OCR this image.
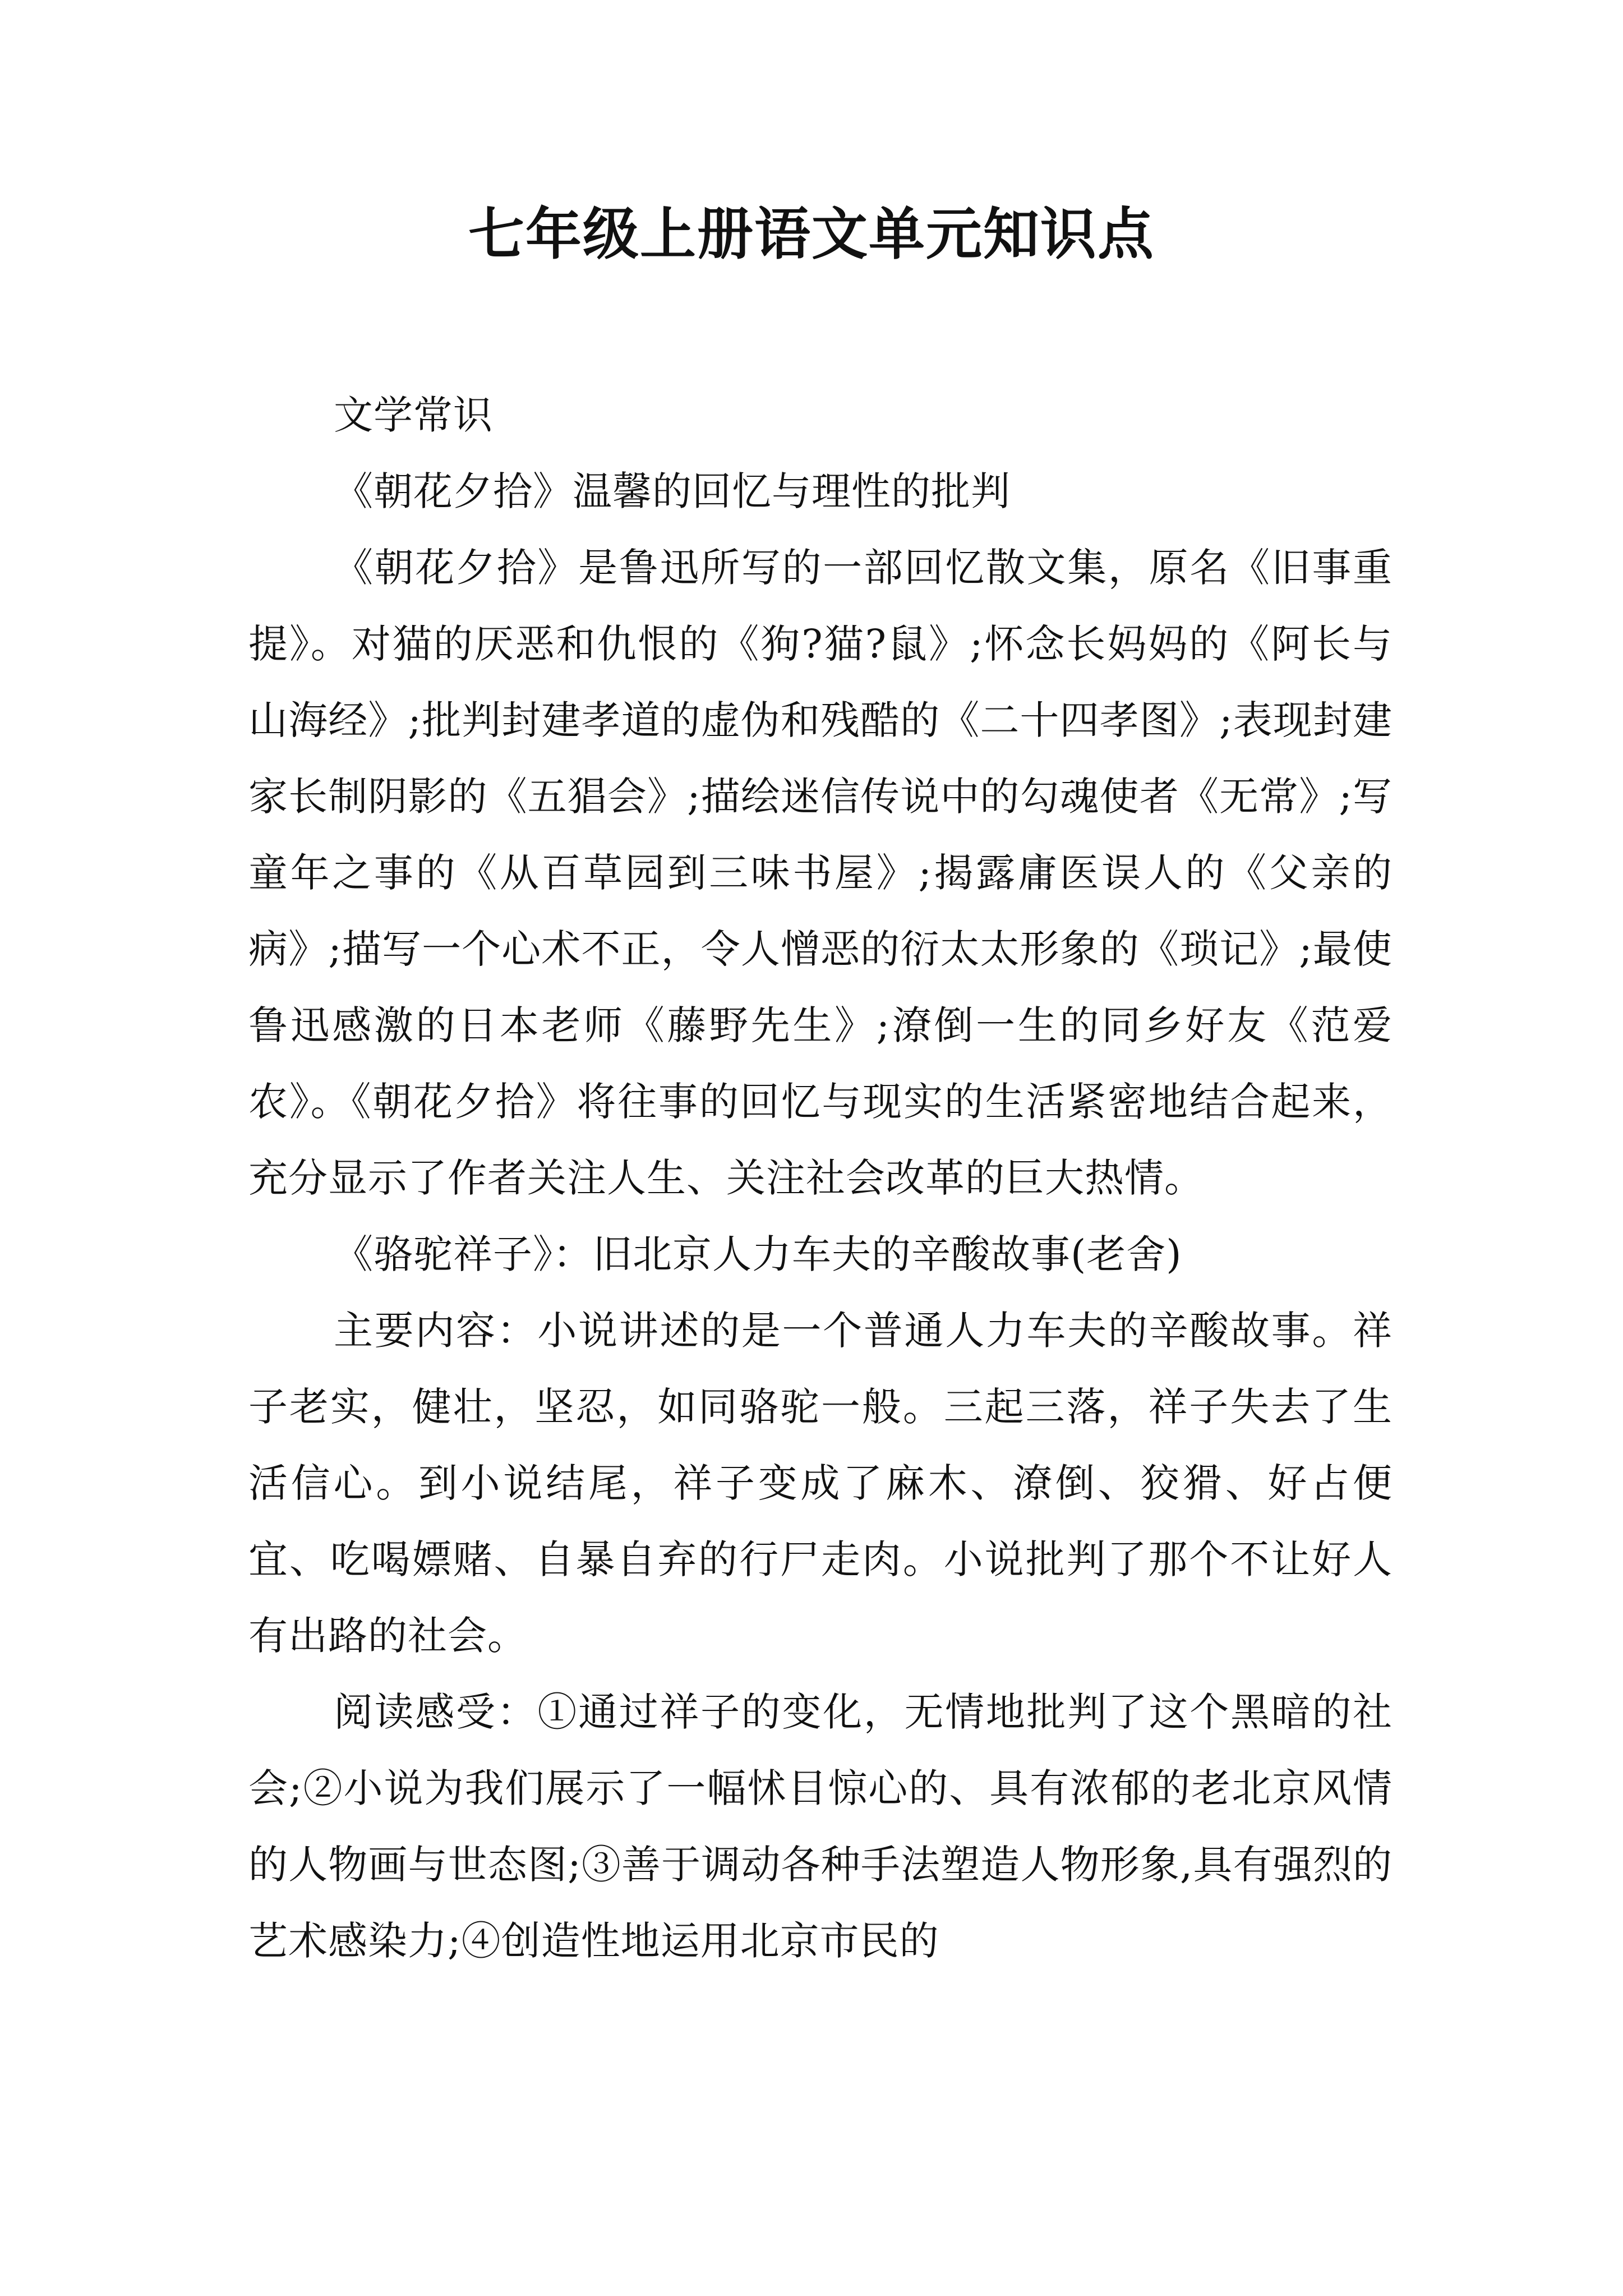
七年级上册语文单元知识点

文学常识

《朝花夕拾》温馨的回忆与理性的批判

《朝花夕拾》是鲁迅所写的一部回忆散文集，原名《旧事重提》。对猫的厌恶和仇恨的《狗?猫?鼠》;怀念长妈妈的《阿长与山海经》;批判封建孝道的虚伪和残酷的《二十四孝图》;表现封建家长制阴影的《五猖会》;描绘迷信传说中的勾魂使者《无常》;写童年之事的《从百草园到三味书屋》;揭露庸医误人的《父亲的病》;描写一个心术不正，令人憎恶的衍太太形象的《琐记》;最使鲁迅感激的日本老师《藤野先生》;潦倒一生的同乡好友《范爱农》。《朝花夕拾》将往事的回忆与现实的生活紧密地结合起来，充分显示了作者关注人生、关注社会改革的巨大热情。

《骆驼祥子》：旧北京人力车夫的辛酸故事(老舍)

主要内容：小说讲述的是一个普通人力车夫的辛酸故事。祥子老实，健壮，坚忍，如同骆驼一般。三起三落，祥子失去了生活信心。到小说结尾，祥子变成了麻木、潦倒、狡猾、好占便宜、吃喝嫖赌、自暴自弃的行尸走肉。小说批判了那个不让好人有出路的社会。

阅读感受：①通过祥子的变化，无情地批判了这个黑暗的社会;②小说为我们展示了一幅怵目惊心的、具有浓郁的老北京风情的人物画与世态图;③善于调动各种手法塑造人物形象,具有强烈的艺术感染力;④创造性地运用北京市民的
